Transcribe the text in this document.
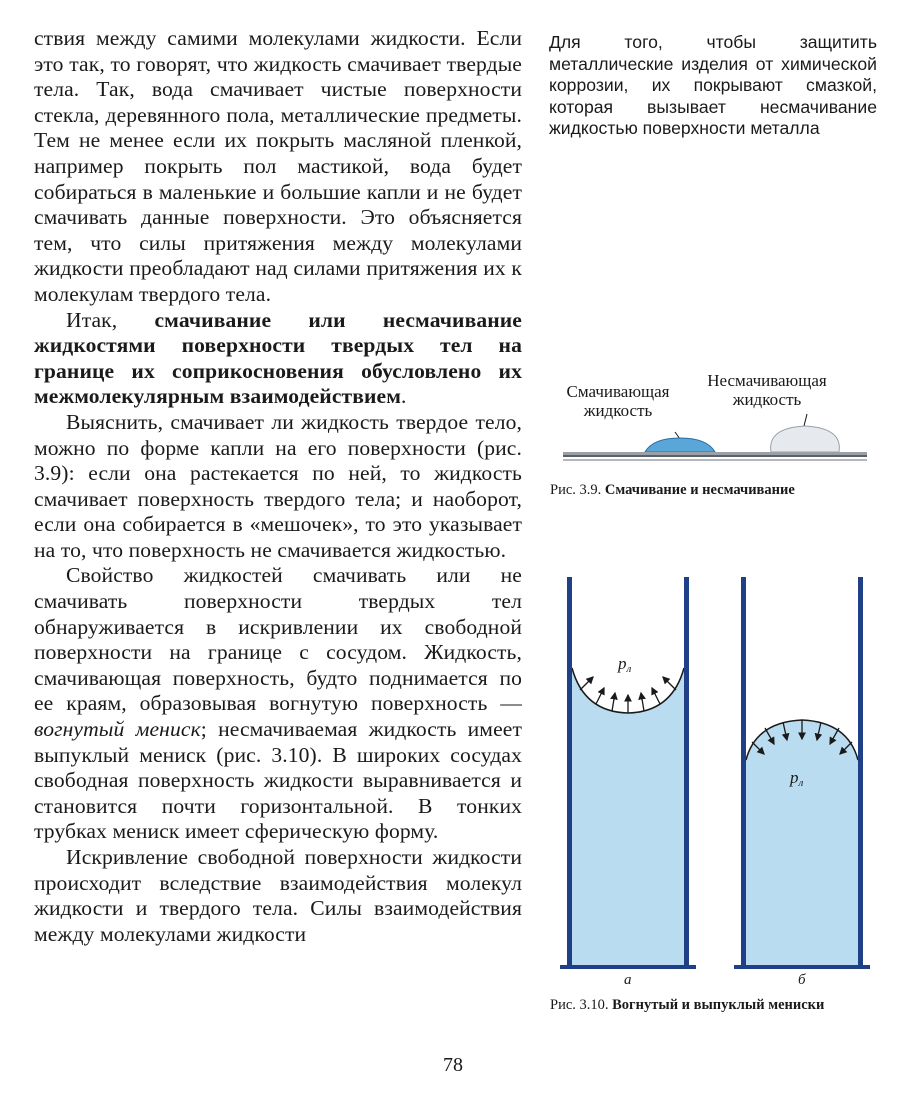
ствия между самими молекулами жидкости. Если это так, то говорят, что жидкость смачивает твердые тела. Так, вода смачивает чистые поверхности стекла, деревянного пола, металлические предметы. Тем не менее если их покрыть масляной пленкой, например покрыть пол мастикой, вода будет собираться в маленькие и большие капли и не будет смачивать данные поверхности. Это объясняется тем, что силы притяжения между молекулами жидкости преобладают над силами притяжения их к молекулам твердого тела.

Итак, смачивание или несмачивание жидкостями поверхности твердых тел на границе их соприкосновения обусловлено их межмолекулярным взаимодействием.

Выяснить, смачивает ли жидкость твердое тело, можно по форме капли на его поверхности (рис. 3.9): если она растекается по ней, то жидкость смачивает поверхность твердого тела; и наоборот, если она собирается в «мешочек», то это указывает на то, что поверхность не смачивается жидкостью.

Свойство жидкостей смачивать или не смачивать поверхности твердых тел обнаруживается в искривлении их свободной поверхности на границе с сосудом. Жидкость, смачивающая поверхность, будто поднимается по ее краям, образовывая вогнутую поверхность — вогнутый мениск; несмачиваемая жидкость имеет выпуклый мениск (рис. 3.10). В широких сосудах свободная поверхность жидкости выравнивается и становится почти горизонтальной. В тонких трубках мениск имеет сферическую форму.

Искривление свободной поверхности жидкости происходит вследствие взаимодействия молекул жидкости и твердого тела. Силы взаимодействия между молекулами жидкости

Для того, чтобы защитить металлические изделия от химической коррозии, их покрывают смазкой, которая вызывает несмачивание жидкостью поверхности металла
Смачивающая
жидкость
Несмачивающая
жидкость
Рис. 3.9. Смачивание и несмачивание
pл
pл
а	б
Рис. 3.10. Вогнутый и выпуклый мениски
78
